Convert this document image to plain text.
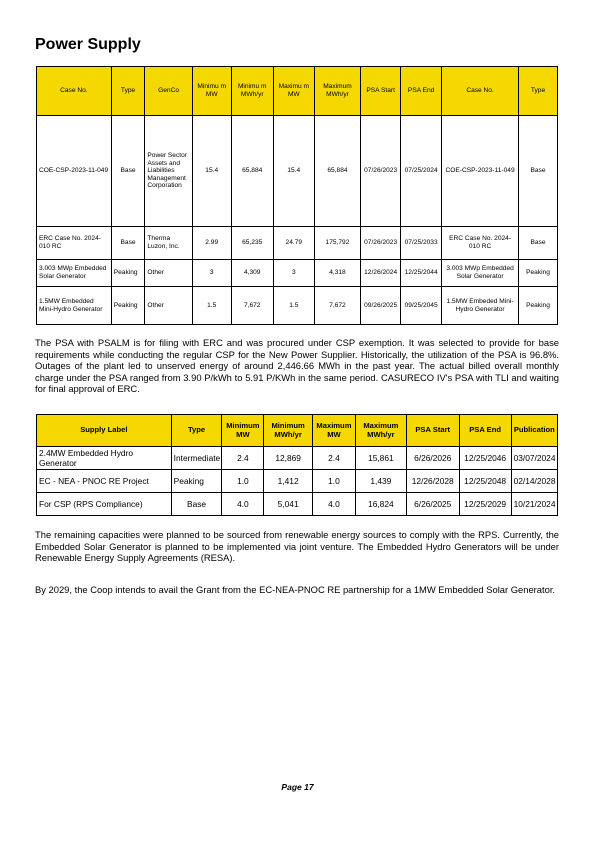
Power Supply
Case No.	Type	GenCo	Minimu m MW	Minimu m MWh/yr	Maximu m MW	Maximum MWh/yr	PSA Start	PSA End	Case No.	Type
COE-CSP-2023-11-049	Base	Power Sector Assets and Liabilities Management Corporation	15.4	65,884	15.4	65,884	07/26/2023	07/25/2024	COE-CSP-2023-11-049	Base
ERC Case No. 2024-010 RC	Base	Therma Luzon, Inc.	2.99	65,235	24.79	175,792	07/26/2023	07/25/2033	ERC Case No. 2024-010 RC	Base
3.003 MWp Embedded Solar Generator	Peaking	Other	3	4,309	3	4,318	12/26/2024	12/25/2044	3.003 MWp Embedded Solar Generator	Peaking
1.5MW Embedded Mini-Hydro Generator	Peaking	Other	1.5	7,672	1.5	7,672	09/26/2025	09/25/2045	1.5MW Embeded Mini-Hydro Generator	Peaking

The PSA with PSALM is for filing with ERC and was procured under CSP exemption. It was selected to provide for base requirements while conducting the regular CSP for the New Power Supplier. Historically, the utilization of the PSA is 96.8%. Outages of the plant led to unserved energy of around 2,446.66 MWh in the past year. The actual billed overall monthly charge under the PSA ranged from 3.90 P/kWh to 5.91 P/KWh in the same period. CASURECO IV's PSA with TLI and waiting for final approval of ERC.

Supply Label	Type	Minimum MW	Minimum MWh/yr	Maximum MW	Maximum MWh/yr	PSA Start	PSA End	Publication
2.4MW Embedded Hydro Generator	Intermediate	2.4	12,869	2.4	15,861	6/26/2026	12/25/2046	03/07/2024
EC - NEA - PNOC RE Project	Peaking	1.0	1,412	1.0	1,439	12/26/2028	12/25/2048	02/14/2028
For CSP (RPS Compliance)	Base	4.0	5,041	4.0	16,824	6/26/2025	12/25/2029	10/21/2024

The remaining capacities were planned to be sourced from renewable energy sources to comply with the RPS. Currently, the Embedded Solar Generator is planned to be implemented via joint venture. The Embedded Hydro Generators will be under Renewable Energy Supply Agreements (RESA).

By 2029, the Coop intends to avail the Grant from the EC-NEA-PNOC RE partnership for a 1MW Embedded Solar Generator.

Page 17
